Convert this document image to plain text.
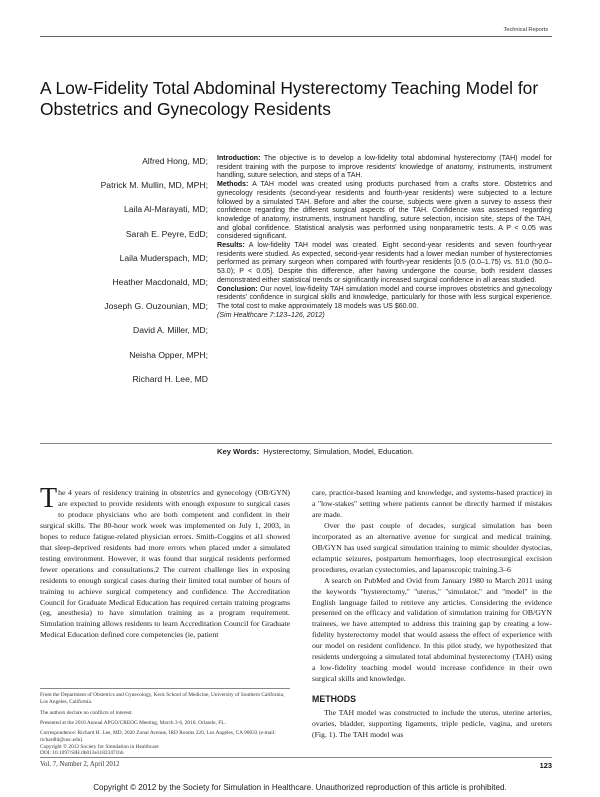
Technical Reports
A Low-Fidelity Total Abdominal Hysterectomy Teaching Model for Obstetrics and Gynecology Residents
Alfred Hong, MD;
Patrick M. Mullin, MD, MPH;
Laila Al-Marayati, MD;
Sarah E. Peyre, EdD;
Laila Muderspach, MD;
Heather Macdonald, MD;
Joseph G. Ouzounian, MD;
David A. Miller, MD;
Neisha Opper, MPH;
Richard H. Lee, MD

Introduction: The objective is to develop a low-fidelity total abdominal hysterectomy (TAH) model for resident training with the purpose to improve residents' knowledge of anatomy, instruments, instrument handling, suture selection, and steps of a TAH.

Methods: A TAH model was created using products purchased from a crafts store. Obstetrics and gynecology residents (second-year residents and fourth-year residents) were subjected to a lecture followed by a simulated TAH. Before and after the course, subjects were given a survey to assess their confidence regarding the different surgical aspects of the TAH. Confidence was assessed regarding knowledge of anatomy, instruments, instrument handling, suture selection, incision site, steps of the TAH, and global confidence. Statistical analysis was performed using nonparametric tests. A P < 0.05 was considered significant.

Results: A low-fidelity TAH model was created. Eight second-year residents and seven fourth-year residents were studied. As expected, second-year residents had a lower median number of hysterectomies performed as primary surgeon when compared with fourth-year residents [0.5 (0.0–1.75) vs. 51.0 (50.0–53.0); P < 0.05]. Despite this difference, after having undergone the course, both resident classes demonstrated either statistical trends or significantly increased surgical confidence in all areas studied.

Conclusion: Our novel, low-fidelity TAH simulation model and course improves obstetrics and gynecology residents' confidence in surgical skills and knowledge, particularly for those with less surgical experience. The total cost to make approximately 18 models was US $60.00.

(Sim Healthcare 7:123–126, 2012)

Key Words: Hysterectomy, Simulation, Model, Education.

The 4 years of residency training in obstetrics and gynecology (OB/GYN) are expected to provide residents with enough exposure to surgical cases to produce physicians who are both competent and confident in their surgical skills. The 80-hour work week was implemented on July 1, 2003, in hopes to reduce fatigue-related physician errors. Smith-Coggins et al1 showed that sleep-deprived residents had more errors when placed under a simulated testing environment. However, it was found that surgical residents performed fewer operations and consultations.2 The current challenge lies in exposing residents to enough surgical cases during their limited total number of hours of training to achieve surgical competency and confidence. The Accreditation Council for Graduate Medical Education has required certain training programs (eg, anesthesia) to have simulation training as a program requirement. Simulation training allows residents to learn Accreditation Council for Graduate Medical Education defined core competencies (ie, patient

From the Department of Obstetrics and Gynecology, Keck School of Medicine, University of Southern California, Los Angeles, California.
The authors declare no conflicts of interest.
Presented at the 2010 Annual APGO/CREOG Meeting, March 3-6, 2010, Orlando, FL.
Correspondence: Richard H. Lee, MD, 2020 Zonal Avenue, IRD Rooms 220, Los Angeles, CA 90033 (e-mail: richardhl@usc.edu).
Copyright © 2012 Society for Simulation in Healthcare
DOI: 10.1097/SIH.0b013e31823471bb

care, practice-based learning and knowledge, and systems-based practice) in a ''low-stakes'' setting where patients cannot be directly harmed if mistakes are made.

Over the past couple of decades, surgical simulation has been incorporated as an alternative avenue for surgical and medical training. OB/GYN has used surgical simulation training to mimic shoulder dystocias, eclamptic seizures, postpartum hemorrhages, loop electrosurgical excision procedures, ovarian cystectomies, and laparoscopic training.3–6

A search on PubMed and Ovid from January 1980 to March 2011 using the keywords ''hysterectomy,'' ''uterus,'' ''simulator,'' and ''model'' in the English language failed to retrieve any articles. Considering the evidence presented on the efficacy and validation of simulation training for OB/GYN trainees, we have attempted to address this training gap by creating a low-fidelity hysterectomy model that would assess the effect of experience with our model on resident confidence. In this pilot study, we hypothesized that residents undergoing a simulated total abdominal hysterectomy (TAH) using a low-fidelity teaching model would increase confidence in their own surgical skills and knowledge.

METHODS

The TAH model was constructed to include the uterus, uterine arteries, ovaries, bladder, supporting ligaments, triple pedicle, vagina, and ureters (Fig. 1). The TAH model was

Vol. 7, Number 2, April 2012	123
Copyright © 2012 by the Society for Simulation in Healthcare. Unauthorized reproduction of this article is prohibited.
